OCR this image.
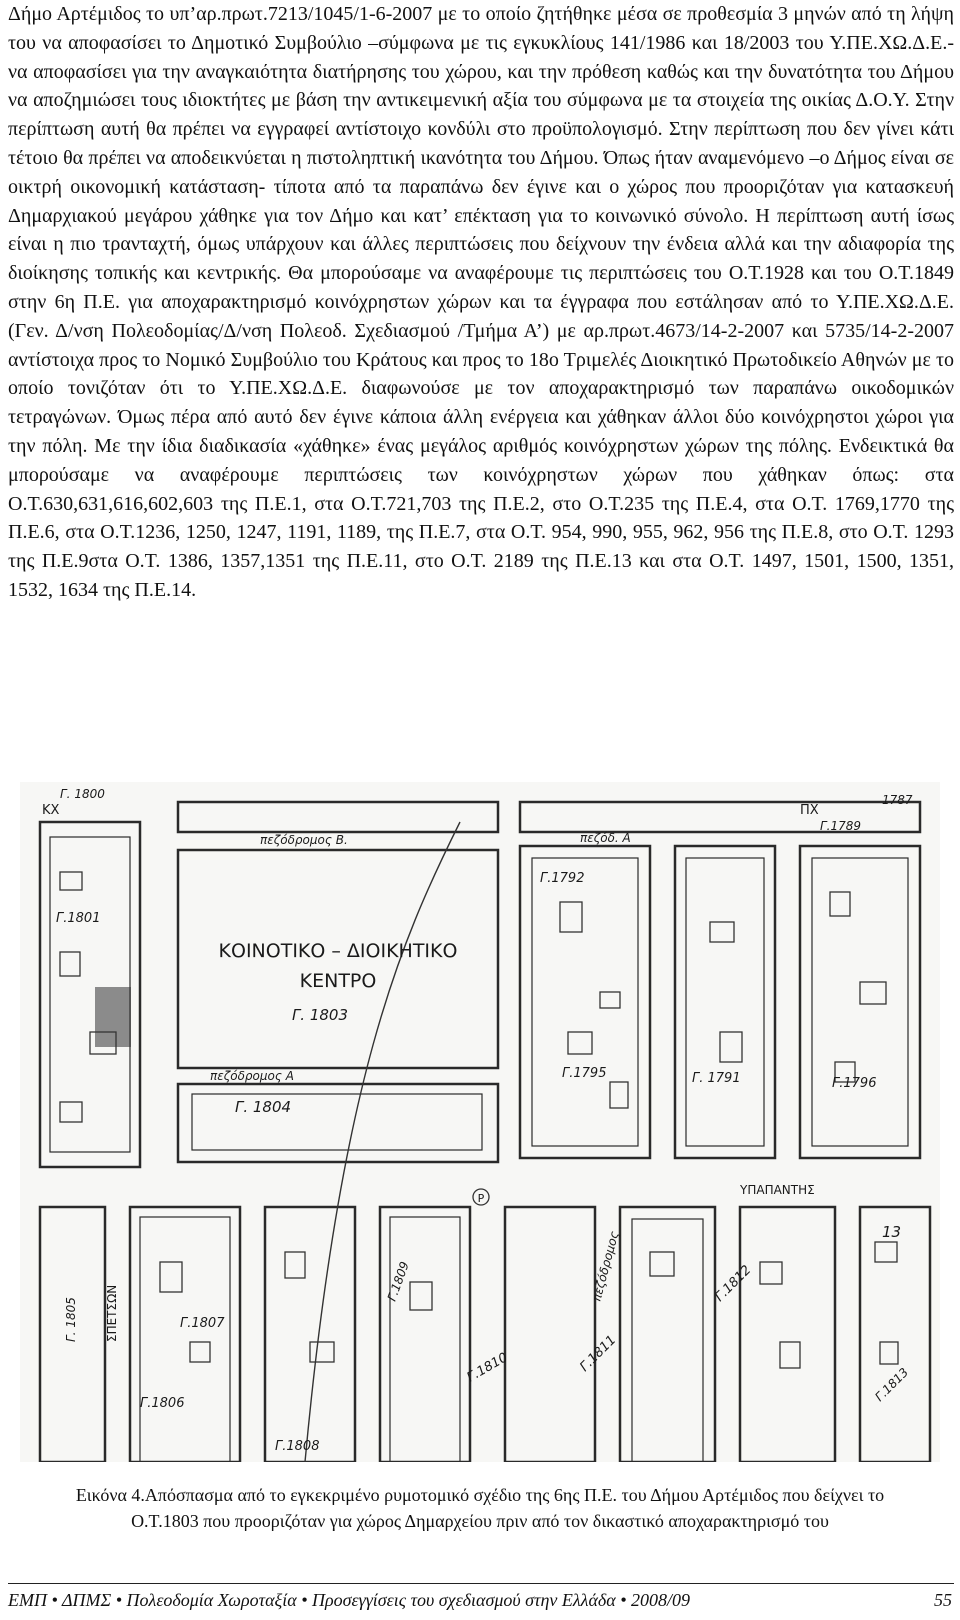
Δήμο Αρτέμιδος το υπ’αρ.πρωτ.7213/1045/1-6-2007 με το οποίο ζητήθηκε μέσα σε προθεσμία 3 μηνών από τη λήψη του να αποφασίσει το Δημοτικό Συμβούλιο –σύμφωνα με τις εγκυκλίους 141/1986 και 18/2003 του Υ.ΠΕ.ΧΩ.Δ.Ε.- να αποφασίσει για την αναγκαιότητα διατήρησης του χώρου, και την πρόθεση καθώς και την δυνατότητα του Δήμου να αποζημιώσει τους ιδιοκτήτες με βάση την αντικειμενική αξία του σύμφωνα με τα στοιχεία της οικίας Δ.Ο.Υ. Στην περίπτωση αυτή θα πρέπει να εγγραφεί αντίστοιχο κονδύλι στο προϋπολογισμό. Στην περίπτωση που δεν γίνει κάτι τέτοιο θα πρέπει να αποδεικνύεται η πιστοληπτική ικανότητα του Δήμου. Όπως ήταν αναμενόμενο –ο Δήμος είναι σε οικτρή οικονομική κατάσταση- τίποτα από τα παραπάνω δεν έγινε και ο χώρος που προοριζόταν για κατασκευή Δημαρχιακού μεγάρου χάθηκε για τον Δήμο και κατ’ επέκταση για το κοινωνικό σύνολο. Η περίπτωση αυτή ίσως είναι η πιο τρανταχτή, όμως υπάρχουν και άλλες περιπτώσεις που δείχνουν την ένδεια αλλά και την αδιαφορία της διοίκησης τοπικής και κεντρικής. Θα μπορούσαμε να αναφέρουμε τις περιπτώσεις του Ο.Τ.1928 και του Ο.Τ.1849 στην 6η Π.Ε. για αποχαρακτηρισμό κοινόχρηστων χώρων και τα έγγραφα που εστάλησαν από το Υ.ΠΕ.ΧΩ.Δ.Ε. (Γεν. Δ/νση Πολεοδομίας/Δ/νση Πολεοδ. Σχεδιασμού /Τμήμα Α’) με αρ.πρωτ.4673/14-2-2007 και 5735/14-2-2007 αντίστοιχα προς το Νομικό Συμβούλιο του Κράτους και προς το 18ο Τριμελές Διοικητικό Πρωτοδικείο Αθηνών με το οποίο τονιζόταν ότι το Υ.ΠΕ.ΧΩ.Δ.Ε. διαφωνούσε με τον αποχαρακτηρισμό των παραπάνω οικοδομικών τετραγώνων. Όμως πέρα από αυτό δεν έγινε κάποια άλλη ενέργεια και χάθηκαν άλλοι δύο κοινόχρηστοι χώροι για την πόλη. Με την ίδια διαδικασία «χάθηκε» ένας μεγάλος αριθμός κοινόχρηστων χώρων της πόλης. Ενδεικτικά θα μπορούσαμε να αναφέρουμε περιπτώσεις των κοινόχρηστων χώρων που χάθηκαν όπως: στα Ο.Τ.630,631,616,602,603 της Π.Ε.1, στα Ο.Τ.721,703 της Π.Ε.2, στο Ο.Τ.235 της Π.Ε.4, στα Ο.Τ. 1769,1770 της Π.Ε.6, στα Ο.Τ.1236, 1250, 1247, 1191, 1189, της Π.Ε.7, στα Ο.Τ. 954, 990, 955, 962, 956 της Π.Ε.8, στο Ο.Τ. 1293 της Π.Ε.9στα Ο.Τ. 1386, 1357,1351 της Π.Ε.11, στο Ο.Τ. 2189 της Π.Ε.13 και στα Ο.Τ. 1497, 1501, 1500, 1351, 1532, 1634 της Π.Ε.14.

ΚΟΙΝΟΤΙΚΟ – ΔΙΟΙΚΗΤΙΚΟ
ΚΕΝΤΡΟ
Γ. 1803
Γ. 1804
Γ.1801
Γ. 1800
ΚΧ	ΠΧ
Γ.1789
1787
Γ.1792
Γ.1795	Γ. 1791	Γ.1796
πεζόδρομος Β.	πεζόδ. Α
πεζόδρομος Α
ΥΠΑΠΑΝΤΗΣ
ΣΠΕΤΣΩΝ
Γ. 1805	Γ.1807
Γ.1806
Γ.1808
Γ.1809
Γ.1810	Γ.1811
Γ.1812
Γ.1813
13
πεζόδρομος
P
Εικόνα 4.Απόσπασμα από το εγκεκριμένο ρυμοτομικό σχέδιο της 6ης Π.Ε. του Δήμου Αρτέμιδος που δείχνει το
Ο.Τ.1803 που προοριζόταν για χώρος Δημαρχείου πριν από τον δικαστικό αποχαρακτηρισμό του
ΕΜΠ • ΔΠΜΣ • Πολεοδομία Χωροταξία • Προσεγγίσεις του σχεδιασμού στην Ελλάδα • 2008/09	55
